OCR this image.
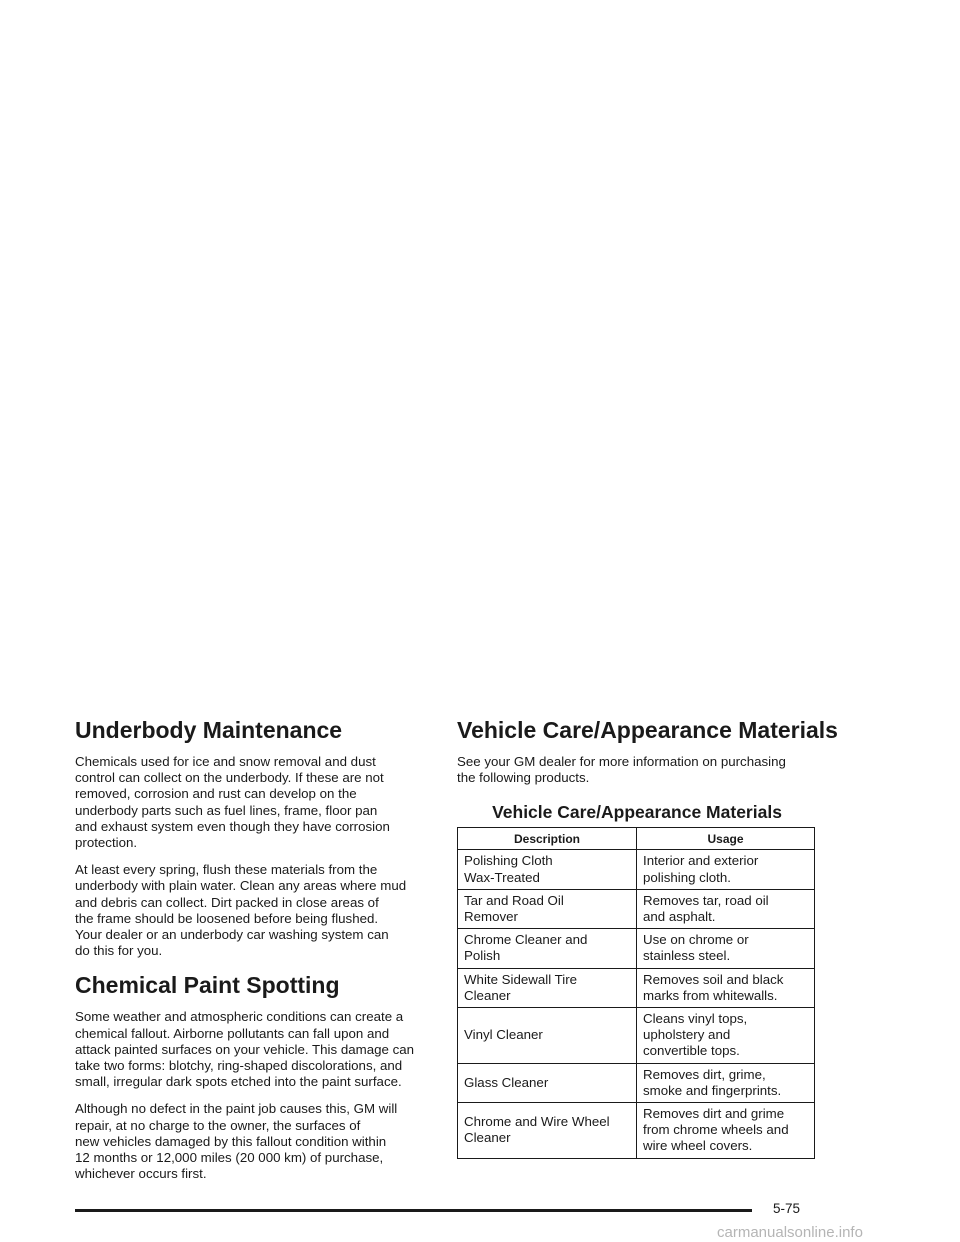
Underbody Maintenance

Chemicals used for ice and snow removal and dust
control can collect on the underbody. If these are not
removed, corrosion and rust can develop on the
underbody parts such as fuel lines, frame, floor pan
and exhaust system even though they have corrosion
protection.

At least every spring, flush these materials from the
underbody with plain water. Clean any areas where mud
and debris can collect. Dirt packed in close areas of
the frame should be loosened before being flushed.
Your dealer or an underbody car washing system can
do this for you.

Chemical Paint Spotting

Some weather and atmospheric conditions can create a
chemical fallout. Airborne pollutants can fall upon and
attack painted surfaces on your vehicle. This damage can
take two forms: blotchy, ring-shaped discolorations, and
small, irregular dark spots etched into the paint surface.

Although no defect in the paint job causes this, GM will
repair, at no charge to the owner, the surfaces of
new vehicles damaged by this fallout condition within
12 months or 12,000 miles (20 000 km) of purchase,
whichever occurs first.

Vehicle Care/Appearance Materials

See your GM dealer for more information on purchasing
the following products.

Vehicle Care/Appearance Materials
Description	Usage
Polishing Cloth
Wax-Treated	Interior and exterior
polishing cloth.
Tar and Road Oil
Remover	Removes tar, road oil
and asphalt.
Chrome Cleaner and
Polish	Use on chrome or
stainless steel.
White Sidewall Tire
Cleaner	Removes soil and black
marks from whitewalls.
Vinyl Cleaner	Cleans vinyl tops,
upholstery and
convertible tops.
Glass Cleaner	Removes dirt, grime,
smoke and fingerprints.
Chrome and Wire Wheel
Cleaner	Removes dirt and grime
from chrome wheels and
wire wheel covers.
5-75
carmanualsonline.info
